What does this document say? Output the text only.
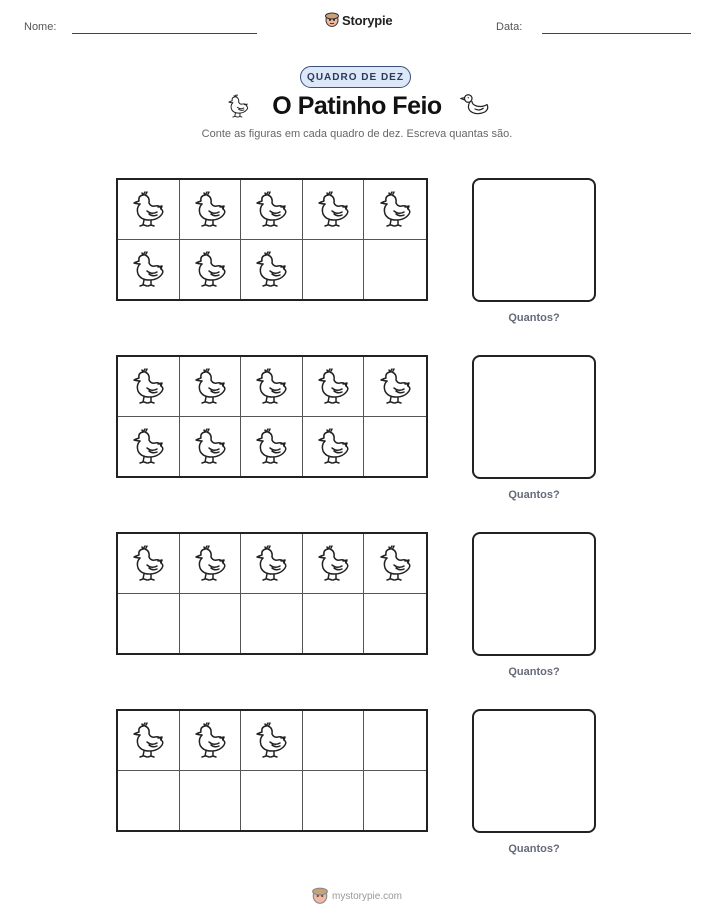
Nome:	Storypie	Data:
QUADRO DE DEZ
O Patinho Feio
Conte as figuras em cada quadro de dez. Escreva quantas são.
Quantos?
Quantos?
Quantos?
Quantos?
mystorypie.com
